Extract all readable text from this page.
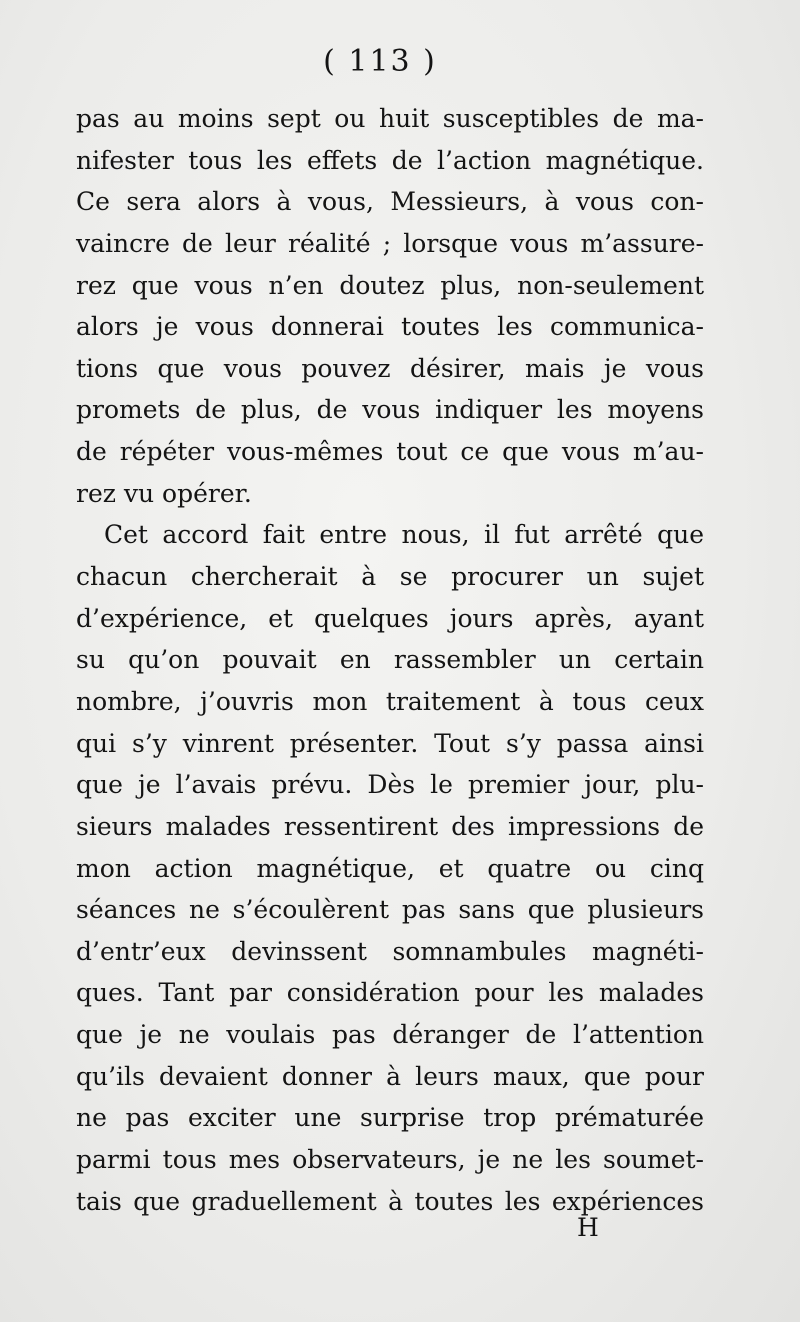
( 113 )
pas au moins sept ou huit susceptibles de ma-
nifester tous les effets de l’action magnétique.
Ce sera alors à vous, Messieurs, à vous con-
vaincre de leur réalité ; lorsque vous m’assure-
rez que vous n’en doutez plus, non-seulement
alors je vous donnerai toutes les communica-
tions que vous pouvez désirer, mais je vous
promets de plus, de vous indiquer les moyens
de répéter vous-mêmes tout ce que vous m’au-
rez vu opérer.
Cet accord fait entre nous, il fut arrêté que
chacun chercherait à se procurer un sujet
d’expérience, et quelques jours après, ayant
su qu’on pouvait en rassembler un certain
nombre, j’ouvris mon traitement à tous ceux
qui s’y vinrent présenter. Tout s’y passa ainsi
que je l’avais prévu. Dès le premier jour, plu-
sieurs malades ressentirent des impressions de
mon action magnétique, et quatre ou cinq
séances ne s’écoulèrent pas sans que plusieurs
d’entr’eux devinssent somnambules magnéti-
ques. Tant par considération pour les malades
que je ne voulais pas déranger de l’attention
qu’ils devaient donner à leurs maux, que pour
ne pas exciter une surprise trop prématurée
parmi tous mes observateurs, je ne les soumet-
tais que graduellement à toutes les expériences
H
